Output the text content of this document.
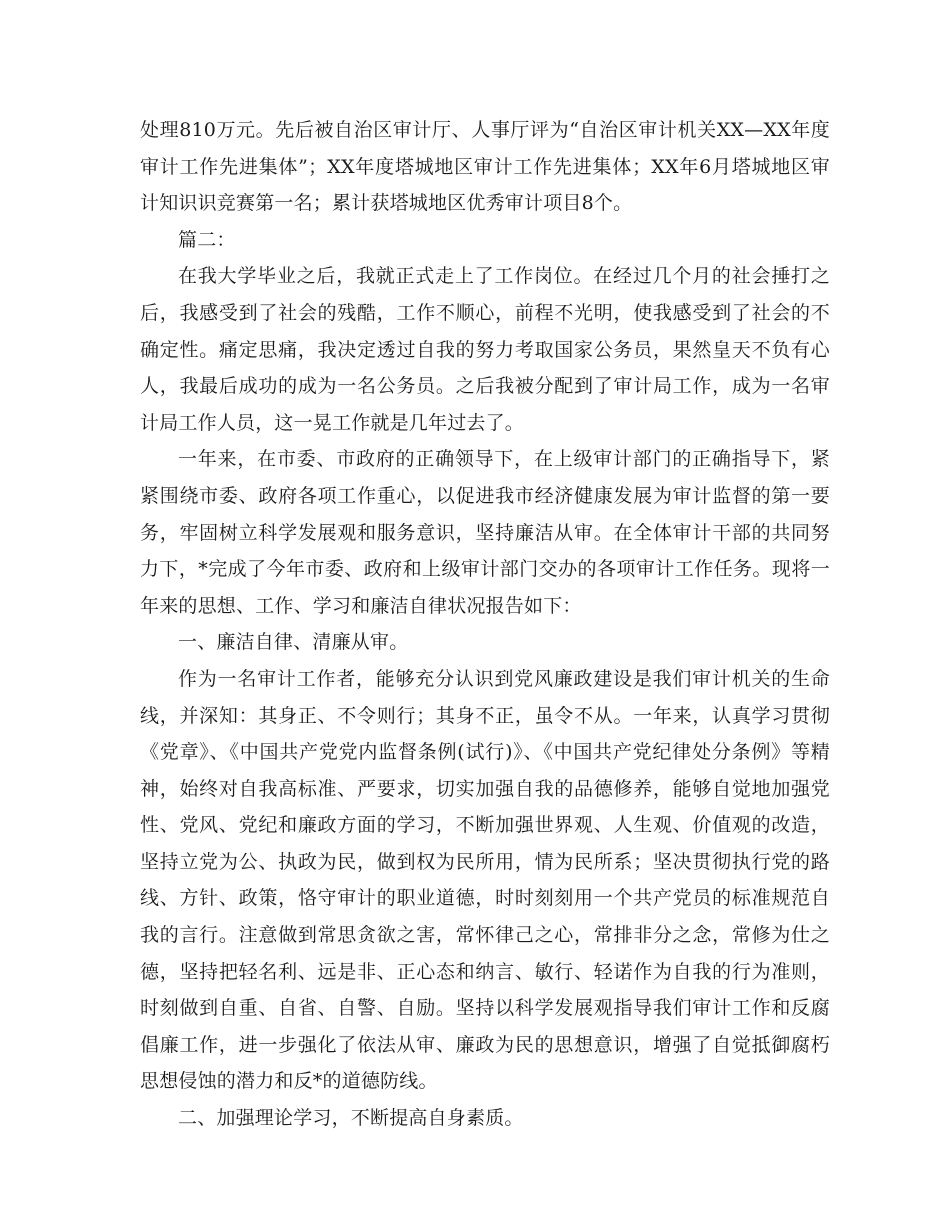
处理810万元。先后被自治区审计厅、人事厅评为“自治区审计机关XX—XX年度审计工作先进集体”；XX年度塔城地区审计工作先进集体；XX年6月塔城地区审计知识识竞赛第一名；累计获塔城地区优秀审计项目8个。

篇二：

在我大学毕业之后，我就正式走上了工作岗位。在经过几个月的社会捶打之后，我感受到了社会的残酷，工作不顺心，前程不光明，使我感受到了社会的不确定性。痛定思痛，我决定透过自我的努力考取国家公务员，果然皇天不负有心人，我最后成功的成为一名公务员。之后我被分配到了审计局工作，成为一名审计局工作人员，这一晃工作就是几年过去了。

一年来，在市委、市政府的正确领导下，在上级审计部门的正确指导下，紧紧围绕市委、政府各项工作重心，以促进我市经济健康发展为审计监督的第一要务，牢固树立科学发展观和服务意识，坚持廉洁从审。在全体审计干部的共同努力下，*完成了今年市委、政府和上级审计部门交办的各项审计工作任务。现将一年来的思想、工作、学习和廉洁自律状况报告如下：

一、廉洁自律、清廉从审。

作为一名审计工作者，能够充分认识到党风廉政建设是我们审计机关的生命线，并深知：其身正、不令则行；其身不正，虽令不从。一年来，认真学习贯彻《党章》、《中国共产党党内监督条例(试行)》、《中国共产党纪律处分条例》等精神，始终对自我高标准、严要求，切实加强自我的品德修养，能够自觉地加强党性、党风、党纪和廉政方面的学习，不断加强世界观、人生观、价值观的改造，坚持立党为公、执政为民，做到权为民所用，情为民所系；坚决贯彻执行党的路线、方针、政策，恪守审计的职业道德，时时刻刻用一个共产党员的标准规范自我的言行。注意做到常思贪欲之害，常怀律己之心，常排非分之念，常修为仕之德，坚持把轻名利、远是非、正心态和纳言、敏行、轻诺作为自我的行为准则，时刻做到自重、自省、自警、自励。坚持以科学发展观指导我们审计工作和反腐倡廉工作，进一步强化了依法从审、廉政为民的思想意识，增强了自觉抵御腐朽思想侵蚀的潜力和反*的道德防线。

二、加强理论学习，不断提高自身素质。
